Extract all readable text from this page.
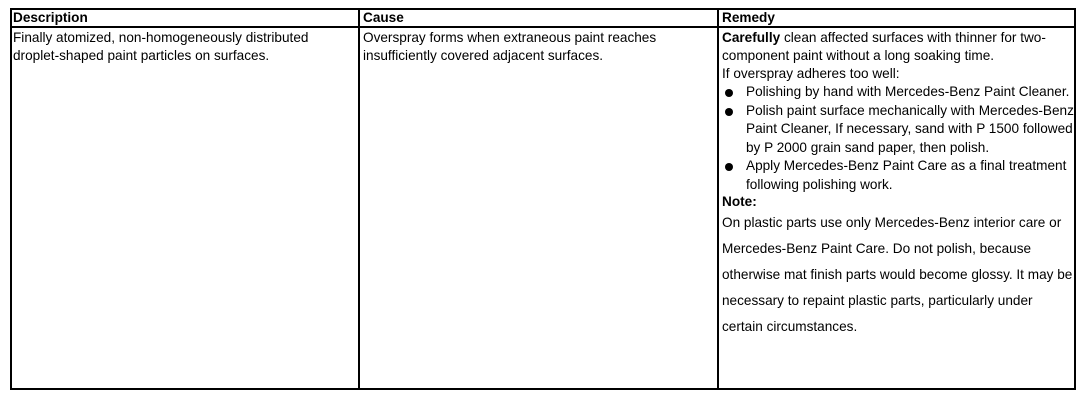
Description	Cause	Remedy
Finally atomized, non-homogeneously distributed droplet-shaped paint particles on surfaces.
Overspray forms when extraneous paint reaches insufficiently covered adjacent surfaces.
Carefully clean affected surfaces with thinner for two-component paint without a long soaking time.
If overspray adheres too well:
Polishing by hand with Mercedes-Benz Paint Cleaner.
Polish paint surface mechanically with Mercedes-Benz Paint Cleaner, If necessary, sand with P 1500 followed by P 2000 grain sand paper, then polish.
Apply Mercedes-Benz Paint Care as a final treatment following polishing work.
Note:
On plastic parts use only Mercedes-Benz interior care or Mercedes-Benz Paint Care. Do not polish, because otherwise mat finish parts would become glossy. It may be necessary to repaint plastic parts, particularly under certain circumstances.
